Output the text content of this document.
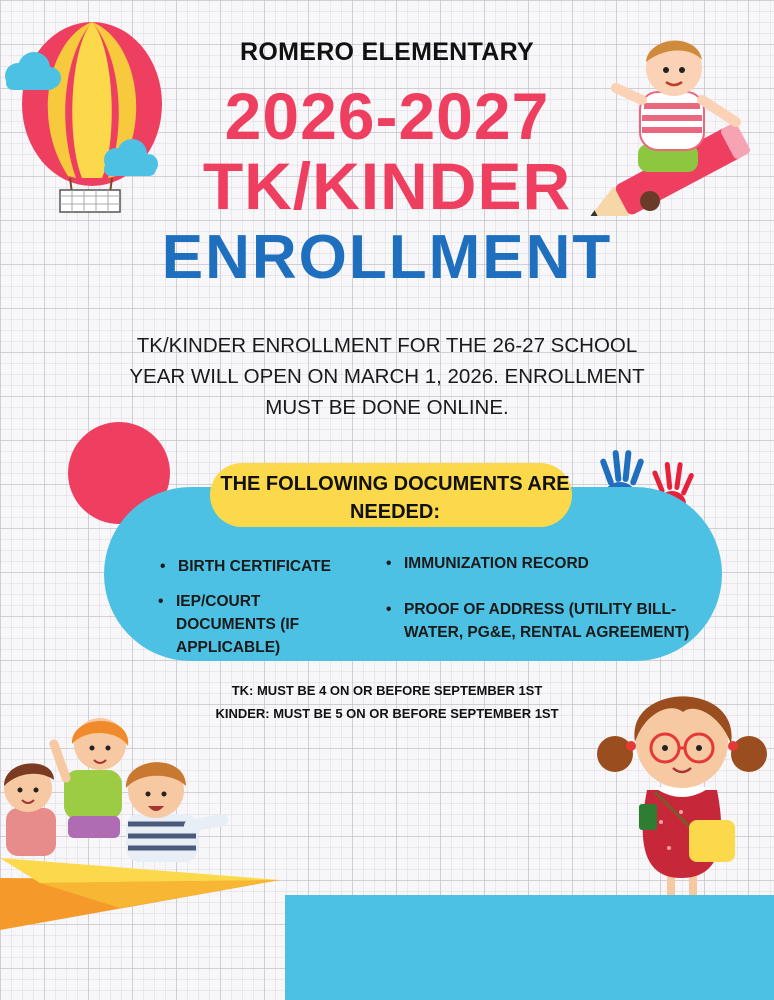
ROMERO ELEMENTARY
2026-2027
TK/KINDER
ENROLLMENT
TK/KINDER ENROLLMENT FOR THE 26-27 SCHOOL
YEAR WILL OPEN ON MARCH 1, 2026. ENROLLMENT
MUST BE DONE ONLINE.
THE FOLLOWING DOCUMENTS ARE
NEEDED:
• BIRTH CERTIFICATE
• IEP/COURT
DOCUMENTS (IF
APPLICABLE)
• IMMUNIZATION RECORD
• PROOF OF ADDRESS (UTILITY BILL-
WATER, PG&E, RENTAL AGREEMENT)
TK: MUST BE 4 ON OR BEFORE SEPTEMBER 1ST
KINDER: MUST BE 5 ON OR BEFORE SEPTEMBER 1ST
